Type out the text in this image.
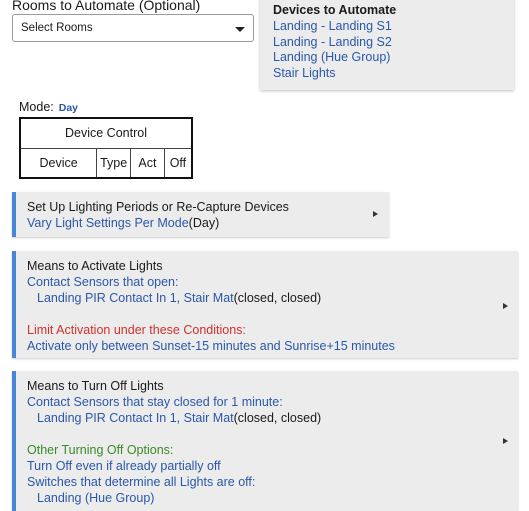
Rooms to Automate (Optional)
Select Rooms
Devices to Automate
Landing - Landing S1
Landing - Landing S2
Landing (Hue Group)
Stair Lights
Mode: Day
Device Control
Device	Type	Act	Off
Set Up Lighting Periods or Re-Capture Devices
Vary Light Settings Per Mode(Day)
Means to Activate Lights
Contact Sensors that open:
Landing PIR Contact In 1, Stair Mat(closed, closed)
Limit Activation under these Conditions:
Activate only between Sunset-15 minutes and Sunrise+15 minutes
Means to Turn Off Lights
Contact Sensors that stay closed for 1 minute:
Landing PIR Contact In 1, Stair Mat(closed, closed)
Other Turning Off Options:
Turn Off even if already partially off
Switches that determine all Lights are off:
Landing (Hue Group)
